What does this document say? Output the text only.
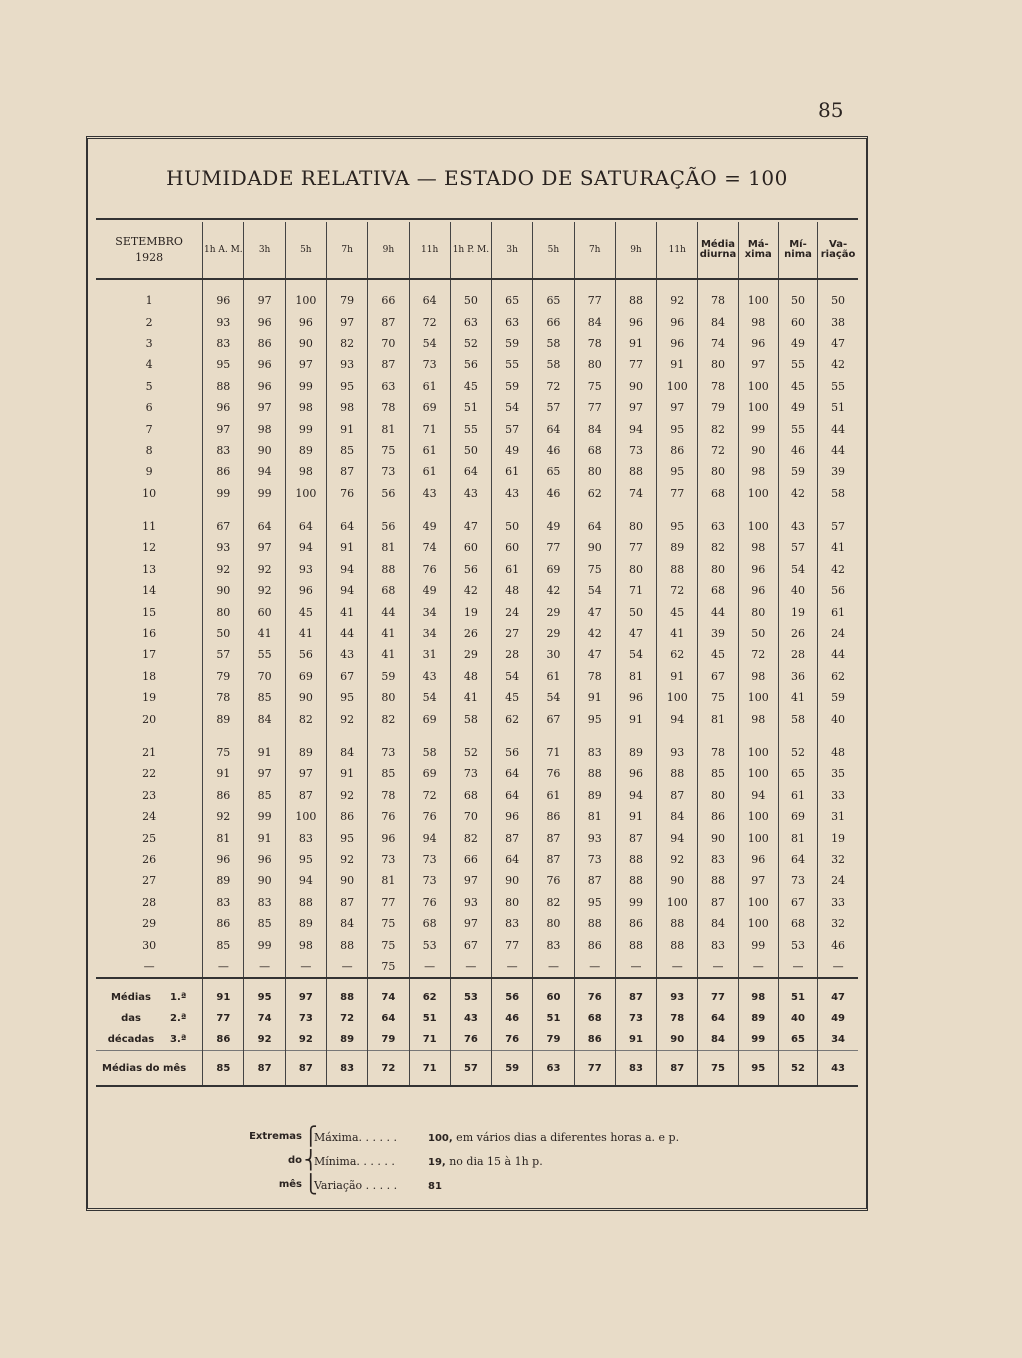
85
HUMIDADE RELATIVA — ESTADO DE SATURAÇÃO = 100
SETEMBRO
1928	1h A. M.	3h	5h	7h	9h	11h	1h P. M.	3h	5h	7h	9h	11h	Média diurna	Má- xima	Mí- nima	Va- riação

1	96	97	100	79	66	64	50	65	65	77	88	92	78	100	50	50
2	93	96	96	97	87	72	63	63	66	84	96	96	84	98	60	38
3	83	86	90	82	70	54	52	59	58	78	91	96	74	96	49	47
4	95	96	97	93	87	73	56	55	58	80	77	91	80	97	55	42
5	88	96	99	95	63	61	45	59	72	75	90	100	78	100	45	55
6	96	97	98	98	78	69	51	54	57	77	97	97	79	100	49	51
7	97	98	99	91	81	71	55	57	64	84	94	95	82	99	55	44
8	83	90	89	85	75	61	50	49	46	68	73	86	72	90	46	44
9	86	94	98	87	73	61	64	61	65	80	88	95	80	98	59	39
10	99	99	100	76	56	43	43	43	46	62	74	77	68	100	42	58

11	67	64	64	64	56	49	47	50	49	64	80	95	63	100	43	57
12	93	97	94	91	81	74	60	60	77	90	77	89	82	98	57	41
13	92	92	93	94	88	76	56	61	69	75	80	88	80	96	54	42
14	90	92	96	94	68	49	42	48	42	54	71	72	68	96	40	56
15	80	60	45	41	44	34	19	24	29	47	50	45	44	80	19	61
16	50	41	41	44	41	34	26	27	29	42	47	41	39	50	26	24
17	57	55	56	43	41	31	29	28	30	47	54	62	45	72	28	44
18	79	70	69	67	59	43	48	54	61	78	81	91	67	98	36	62
19	78	85	90	95	80	54	41	45	54	91	96	100	75	100	41	59
20	89	84	82	92	82	69	58	62	67	95	91	94	81	98	58	40

21	75	91	89	84	73	58	52	56	71	83	89	93	78	100	52	48
22	91	97	97	91	85	69	73	64	76	88	96	88	85	100	65	35
23	86	85	87	92	78	72	68	64	61	89	94	87	80	94	61	33
24	92	99	100	86	76	76	70	96	86	81	91	84	86	100	69	31
25	81	91	83	95	96	94	82	87	87	93	87	94	90	100	81	19
26	96	96	95	92	73	73	66	64	87	73	88	92	83	96	64	32
27	89	90	94	90	81	73	97	90	76	87	88	90	88	97	73	24
28	83	83	88	87	77	76	93	80	82	95	99	100	87	100	67	33
29	86	85	89	84	75	68	97	83	80	88	86	88	84	100	68	32
30	85	99	98	88	75	53	67	77	83	86	88	88	83	99	53	46
—	—	—	—	—	75	—	—	—	—	—	—	—	—	—	—	—
Médias 1.ª	91	95	97	88	74	62	53	56	60	76	87	93	77	98	51	47
das 2.ª	77	74	73	72	64	51	43	46	51	68	73	78	64	89	40	49
décadas 3.ª	86	92	92	89	79	71	76	76	79	86	91	90	84	99	65	34
Médias do mês	85	87	87	83	72	71	57	59	63	77	83	87	75	95	52	43
Extremas ⎧
Máxima. . . . . .	100, em vários dias a diferentes horas a. e p.
do ⎨
Mínima. . . . . .	19, no dia 15 à 1h p.
mês ⎩
Variação . . . . .	81
